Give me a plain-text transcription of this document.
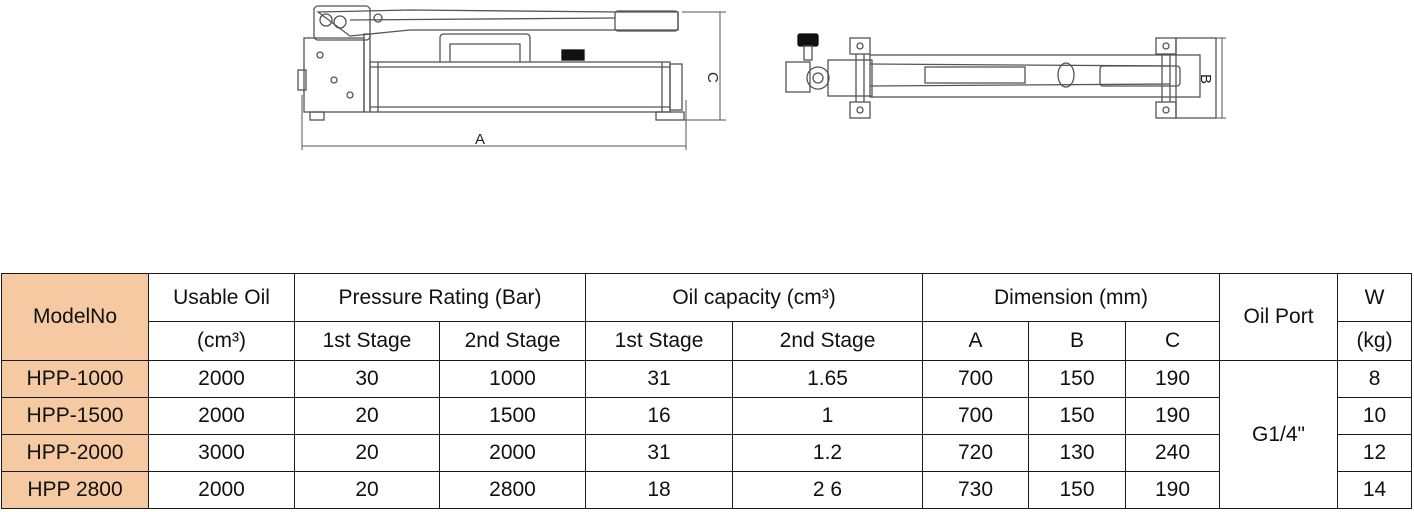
A
C	B
ModelNo	Usable Oil	Pressure Rating (Bar)		Oil capacity (cm³)		Dimension (mm)			Oil Port	W
	(cm³)	1st Stage	2nd Stage	1st Stage	2nd Stage	A	B	C		(kg)
HPP-1000	2000	30	1000	31	1.65	700	150	190	G1/4"	8
HPP-1500	2000	20	1500	16	1	700	150	190		10
HPP-2000	3000	20	2000	31	1.2	720	130	240		12
HPP 2800	2000	20	2800	18	2 6	730	150	190		14
